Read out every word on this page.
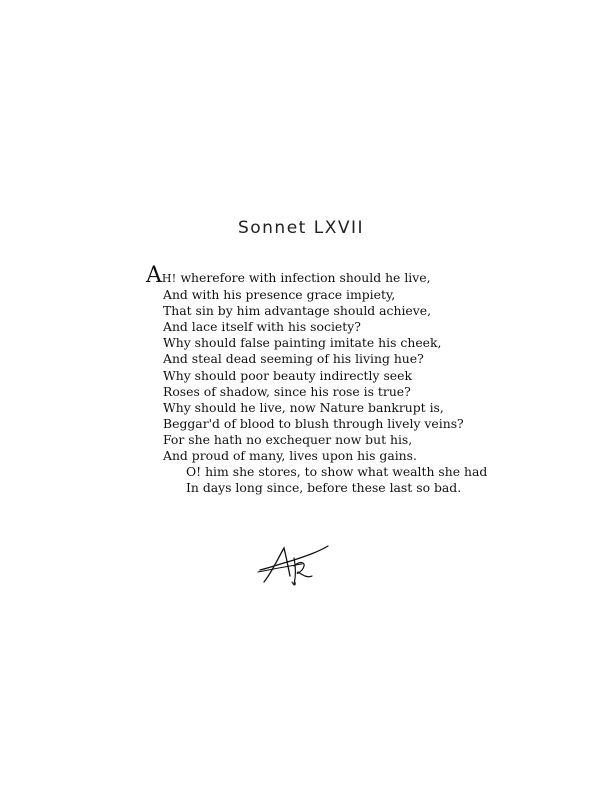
Sonnet LXVII
AH! wherefore with infection should he live,
And with his presence grace impiety,
That sin by him advantage should achieve,
And lace itself with his society?
Why should false painting imitate his cheek,
And steal dead seeming of his living hue?
Why should poor beauty indirectly seek
Roses of shadow, since his rose is true?
Why should he live, now Nature bankrupt is,
Beggar'd of blood to blush through lively veins?
For she hath no exchequer now but his,
And proud of many, lives upon his gains.
O! him she stores, to show what wealth she had
In days long since, before these last so bad.
